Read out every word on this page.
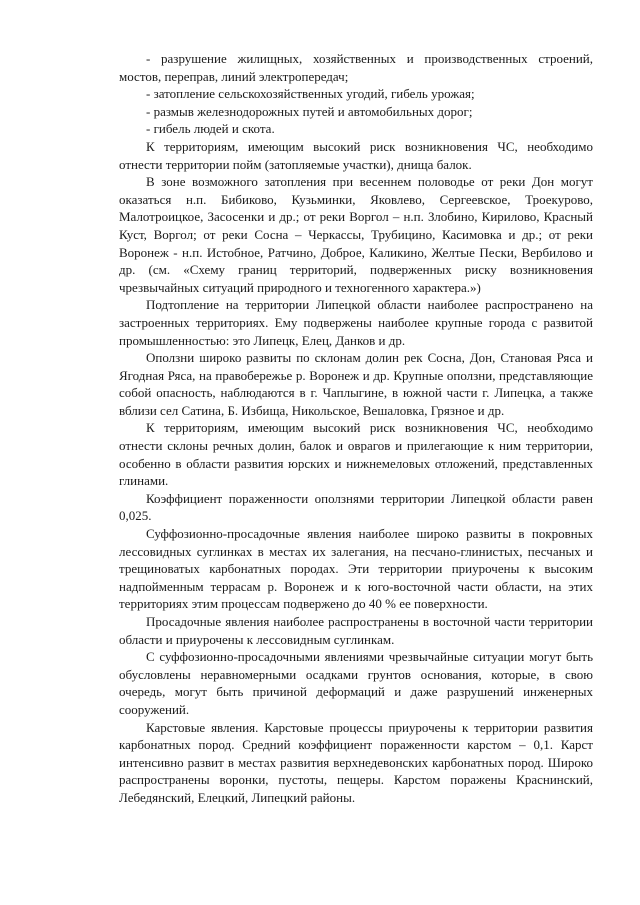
- разрушение жилищных, хозяйственных и производственных строений, мостов, переправ, линий электропередач;

- затопление сельскохозяйственных угодий, гибель урожая;

- размыв железнодорожных путей и автомобильных дорог;

- гибель людей и скота.

К территориям, имеющим высокий риск возникновения ЧС, необходимо отнести территории пойм (затопляемые участки), днища балок.

В зоне возможного затопления при весеннем половодье от реки Дон могут оказаться н.п. Бибиково, Кузьминки, Яковлево, Сергеевское, Троекурово, Малотроицкое, Засосенки и др.; от реки Воргол – н.п. Злобино, Кирилово, Красный Куст, Воргол; от реки Сосна – Черкассы, Трубицино, Касимовка и др.; от реки Воронеж - н.п. Истобное, Ратчино, Доброе, Каликино, Желтые Пески, Вербилово и др. (см. «Схему границ территорий, подверженных риску возникновения чрезвычайных ситуаций природного и техногенного характера.»)

Подтопление на территории Липецкой области наиболее распространено на застроенных территориях. Ему подвержены наиболее крупные города с развитой промышленностью: это Липецк, Елец, Данков и др.

Оползни широко развиты по склонам долин рек Сосна, Дон, Становая Ряса и Ягодная Ряса, на правобережье р. Воронеж и др. Крупные оползни, представляющие собой опасность, наблюдаются в г. Чаплыгине, в южной части г. Липецка, а также вблизи сел Сатина, Б. Избища, Никольское, Вешаловка, Грязное и др.

К территориям, имеющим высокий риск возникновения ЧС, необходимо отнести склоны речных долин, балок и оврагов и прилегающие к ним территории, особенно в области развития юрских и нижнемеловых отложений, представленных глинами.

Коэффициент пораженности оползнями территории Липецкой области равен 0,025.

Суффозионно-просадочные явления наиболее широко развиты в покровных лессовидных суглинках в местах их залегания, на песчано-глинистых, песчаных и трещиноватых карбонатных породах. Эти территории приурочены к высоким надпойменным террасам р. Воронеж и к юго-восточной части области, на этих территориях этим процессам подвержено до 40 % ее поверхности.

Просадочные явления наиболее распространены в восточной части территории области и приурочены к лессовидным суглинкам.

С суффозионно-просадочными явлениями чрезвычайные ситуации могут быть обусловлены неравномерными осадками грунтов основания, которые, в свою очередь, могут быть причиной деформаций и даже разрушений инженерных сооружений.

Карстовые явления. Карстовые процессы приурочены к территории развития карбонатных пород. Средний коэффициент пораженности карстом – 0,1. Карст интенсивно развит в местах развития верхнедевонских карбонатных пород. Широко распространены воронки, пустоты, пещеры. Карстом поражены Краснинский, Лебедянский, Елецкий, Липецкий районы.
